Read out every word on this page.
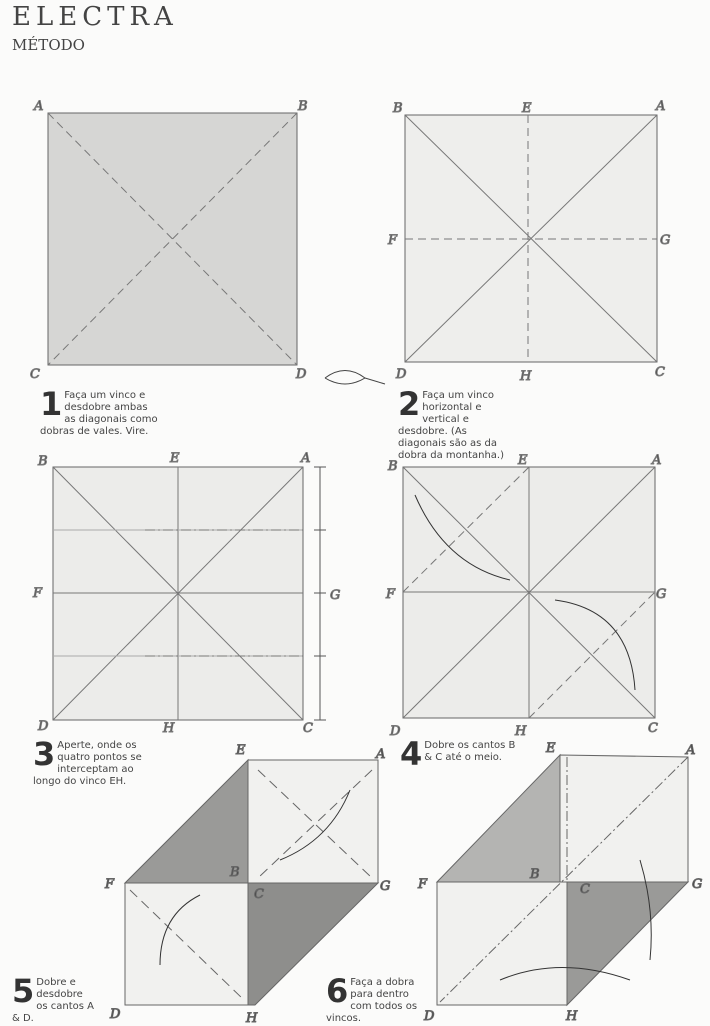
ELECTRA
MÉTODO
A	B
C	D
B	E	A
F	G
D	H	C
B	E	A
F	G
D	H	C
B	E	A
F	G
D	H	C
E	A
B
C
F	G
D	H
E	A
B
C
F	G
D	H
1 Faça um vinco e desdobre ambas as diagonais como dobras de vales. Vire.
2 Faça um vinco horizontal e vertical e desdobre. (As diagonais são as da dobra da montanha.)
3 Aperte, onde os quatro pontos se interceptam ao longo do vinco EH.
4 Dobre os cantos B & C até o meio.
5 Dobre e desdobre os cantos A & D.
6 Faça a dobra para dentro com todos os vincos.
